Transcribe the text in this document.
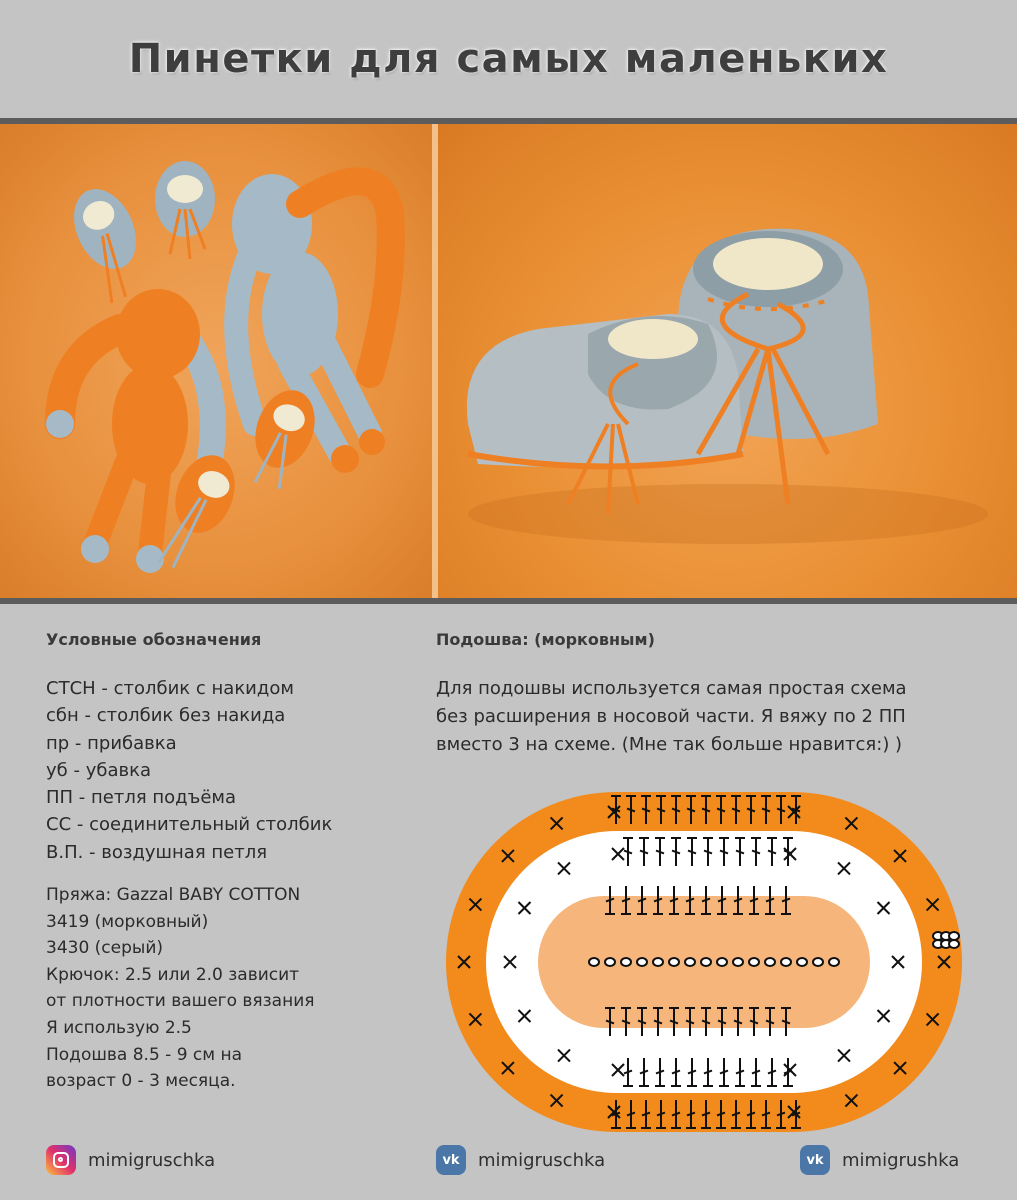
Пинетки для самых маленьких

Условные обозначения

СТСН - столбик с накидом
сбн - столбик без накида
пр - прибавка
уб - убавка
ПП - петля подъёма
СС - соединительный столбик
В.П. - воздушная петля
Пряжа: Gazzal BABY COTTON
3419 (морковный)
3430 (серый)
Крючок: 2.5 или 2.0 зависит
от плотности вашего вязания
Я использую 2.5
Подошва 8.5 - 9 см на
возраст 0 - 3 месяца.

Подошва: (морковным)

Для подошвы используется самая простая схема
без расширения в носовой части. Я вяжу по 2 ПП
вместо 3 на схеме. (Мне так больше нравится:) )
mimigruschka	vk	mimigruschka	vk	mimigrushka
